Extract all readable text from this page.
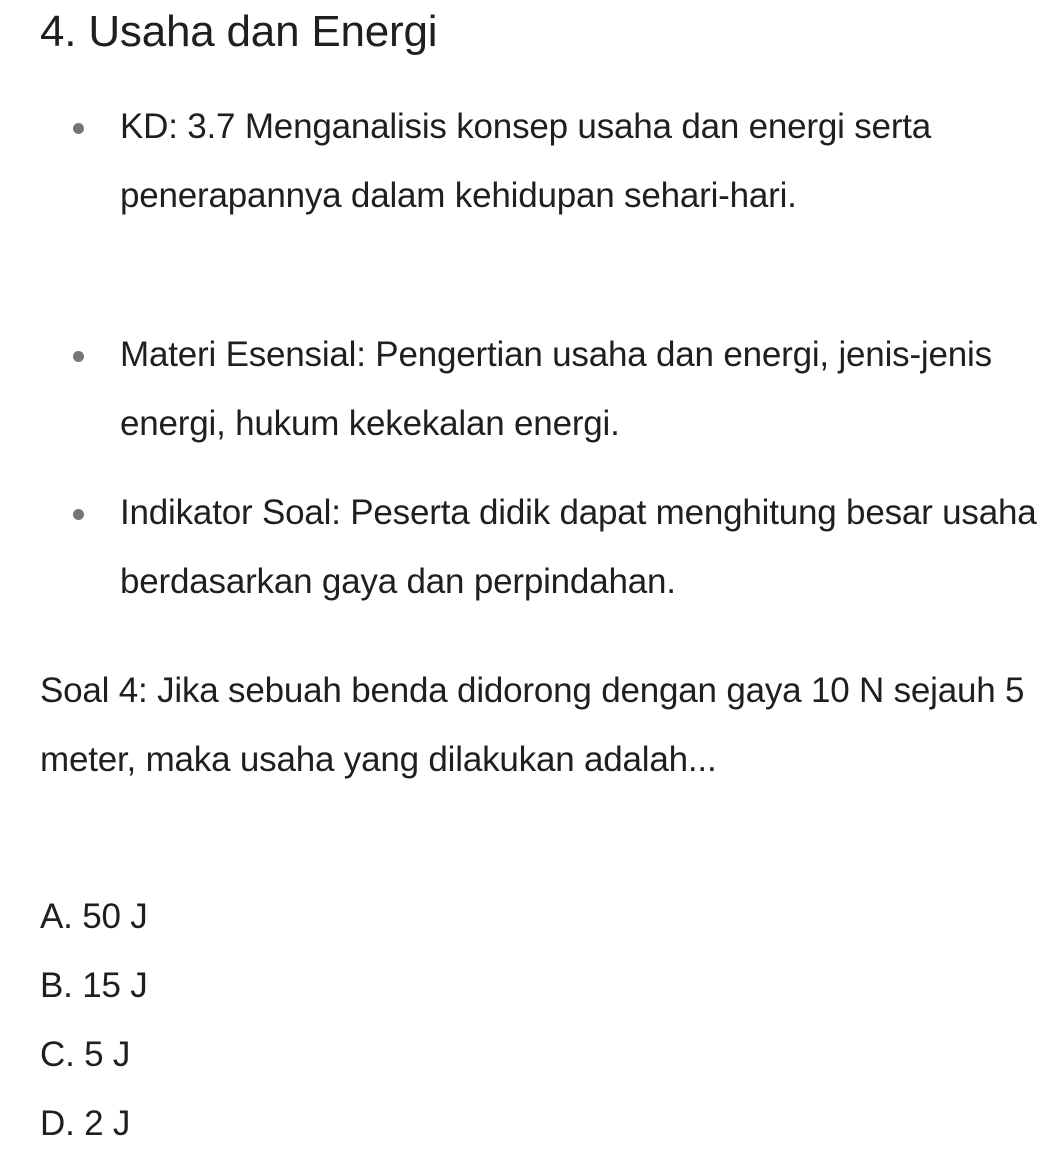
4. Usaha dan Energi
KD: 3.7 Menganalisis konsep usaha dan energi serta penerapannya dalam kehidupan sehari-hari.
Materi Esensial: Pengertian usaha dan energi, jenis-jenis energi, hukum kekekalan energi.
Indikator Soal: Peserta didik dapat menghitung besar usaha berdasarkan gaya dan perpindahan.

Soal 4: Jika sebuah benda didorong dengan gaya 10 N sejauh 5 meter, maka usaha yang dilakukan adalah...

A. 50 J
B. 15 J
C. 5 J
D. 2 J
